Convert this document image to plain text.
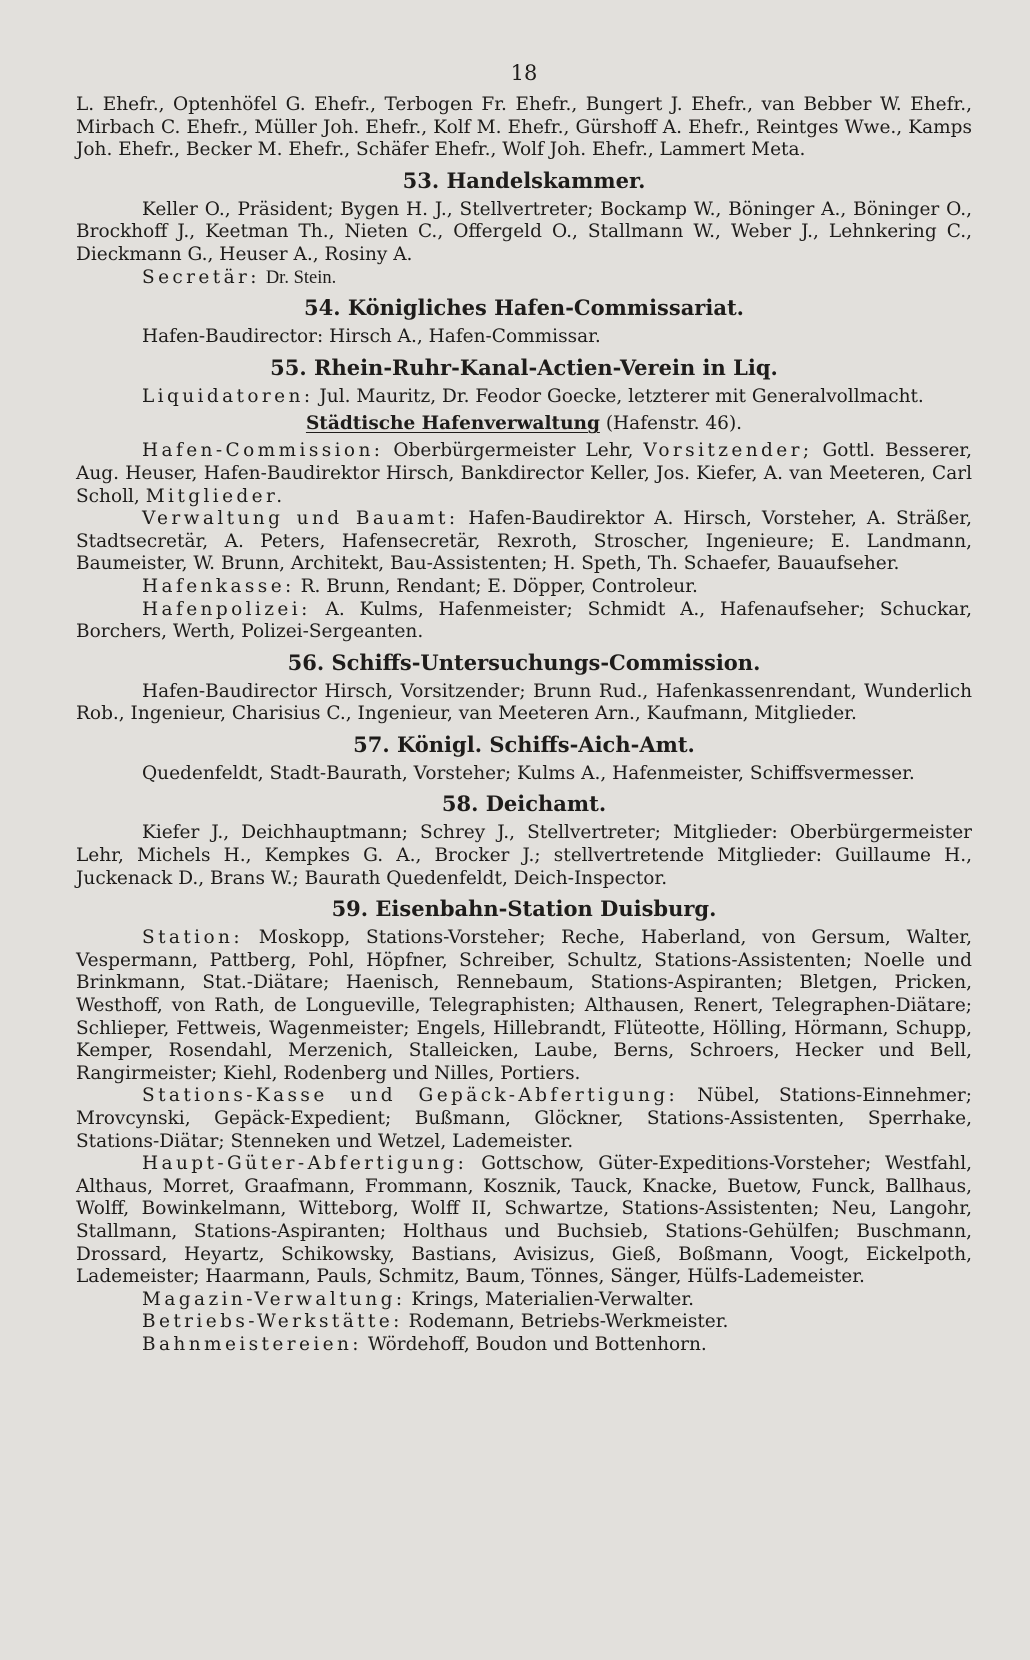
18

L. Ehefr., Optenhöfel G. Ehefr., Terbogen Fr. Ehefr., Bungert J. Ehefr., van Bebber W. Ehefr., Mirbach C. Ehefr., Müller Joh. Ehefr., Kolf M. Ehefr., Gürshoff A. Ehefr., Reintges Wwe., Kamps Joh. Ehefr., Becker M. Ehefr., Schäfer Ehefr., Wolf Joh. Ehefr., Lammert Meta.

53. Handelskammer.

Keller O., Präsident; Bygen H. J., Stellvertreter; Bockamp W., Böninger A., Böninger O., Brockhoff J., Keetman Th., Nieten C., Offergeld O., Stallmann W., Weber J., Lehnkering C., Dieckmann G., Heuser A., Rosiny A.

Secretär: Dr. Stein.

54. Königliches Hafen-Commissariat.

Hafen-Baudirector: Hirsch A., Hafen-Commissar.

55. Rhein-Ruhr-Kanal-Actien-Verein in Liq.

Liquidatoren: Jul. Mauritz, Dr. Feodor Goecke, letzterer mit Generalvollmacht.

Städtische Hafenverwaltung (Hafenstr. 46).

Hafen-Commission: Oberbürgermeister Lehr, Vorsitzender; Gottl. Besserer, Aug. Heuser, Hafen-Baudirektor Hirsch, Bankdirector Keller, Jos. Kiefer, A. van Meeteren, Carl Scholl, Mitglieder.

Verwaltung und Bauamt: Hafen-Baudirektor A. Hirsch, Vorsteher, A. Sträßer, Stadtsecretär, A. Peters, Hafensecretär, Rexroth, Stroscher, Ingenieure; E. Landmann, Baumeister, W. Brunn, Architekt, Bau-Assistenten; H. Speth, Th. Schaefer, Bauaufseher.

Hafenkasse: R. Brunn, Rendant; E. Döpper, Controleur.

Hafenpolizei: A. Kulms, Hafenmeister; Schmidt A., Hafenaufseher; Schuckar, Borchers, Werth, Polizei-Sergeanten.

56. Schiffs-Untersuchungs-Commission.

Hafen-Baudirector Hirsch, Vorsitzender; Brunn Rud., Hafenkassenrendant, Wunderlich Rob., Ingenieur, Charisius C., Ingenieur, van Meeteren Arn., Kaufmann, Mitglieder.

57. Königl. Schiffs-Aich-Amt.

Quedenfeldt, Stadt-Baurath, Vorsteher; Kulms A., Hafenmeister, Schiffsvermesser.

58. Deichamt.

Kiefer J., Deichhauptmann; Schrey J., Stellvertreter; Mitglieder: Oberbürgermeister Lehr, Michels H., Kempkes G. A., Brocker J.; stellvertretende Mitglieder: Guillaume H., Juckenack D., Brans W.; Baurath Quedenfeldt, Deich-Inspector.

59. Eisenbahn-Station Duisburg.

Station: Moskopp, Stations-Vorsteher; Reche, Haberland, von Gersum, Walter, Vespermann, Pattberg, Pohl, Höpfner, Schreiber, Schultz, Stations-Assistenten; Noelle und Brinkmann, Stat.-Diätare; Haenisch, Rennebaum, Stations-Aspiranten; Bletgen, Pricken, Westhoff, von Rath, de Longueville, Telegraphisten; Althausen, Renert, Telegraphen-Diätare; Schlieper, Fettweis, Wagenmeister; Engels, Hillebrandt, Flüteotte, Hölling, Hörmann, Schupp, Kemper, Rosendahl, Merzenich, Stalleicken, Laube, Berns, Schroers, Hecker und Bell, Rangirmeister; Kiehl, Rodenberg und Nilles, Portiers.

Stations-Kasse und Gepäck-Abfertigung: Nübel, Stations-Einnehmer; Mrovcynski, Gepäck-Expedient; Bußmann, Glöckner, Stations-Assistenten, Sperrhake, Stations-Diätar; Stenneken und Wetzel, Lademeister.

Haupt-Güter-Abfertigung: Gottschow, Güter-Expeditions-Vorsteher; Westfahl, Althaus, Morret, Graafmann, Frommann, Kosznik, Tauck, Knacke, Buetow, Funck, Ballhaus, Wolff, Bowinkelmann, Witteborg, Wolff II, Schwartze, Stations-Assistenten; Neu, Langohr, Stallmann, Stations-Aspiranten; Holthaus und Buchsieb, Stations-Gehülfen; Buschmann, Drossard, Heyartz, Schikowsky, Bastians, Avisizus, Gieß, Boßmann, Voogt, Eickelpoth, Lademeister; Haarmann, Pauls, Schmitz, Baum, Tönnes, Sänger, Hülfs-Lademeister.

Magazin-Verwaltung: Krings, Materialien-Verwalter.

Betriebs-Werkstätte: Rodemann, Betriebs-Werkmeister.

Bahnmeistereien: Wördehoff, Boudon und Bottenhorn.
